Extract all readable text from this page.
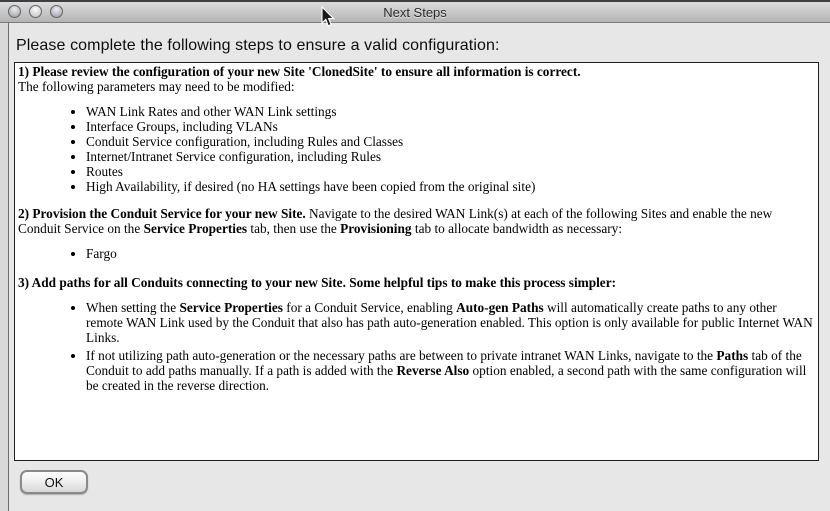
Next Steps
Please complete the following steps to ensure a valid configuration:

1) Please review the configuration of your new Site 'ClonedSite' to ensure all information is correct.

The following parameters may need to be modified:

• WAN Link Rates and other WAN Link settings
• Interface Groups, including VLANs
• Conduit Service configuration, including Rules and Classes
• Internet/Intranet Service configuration, including Rules
• Routes
• High Availability, if desired (no HA settings have been copied from the original site)

2) Provision the Conduit Service for your new Site. Navigate to the desired WAN Link(s) at each of the following Sites and enable the new Conduit Service on the Service Properties tab, then use the Provisioning tab to allocate bandwidth as necessary:

• Fargo

3) Add paths for all Conduits connecting to your new Site. Some helpful tips to make this process simpler:

• When setting the Service Properties for a Conduit Service, enabling Auto-gen Paths will automatically create paths to any other remote WAN Link used by the Conduit that also has path auto-generation enabled. This option is only available for public Internet WAN Links.
• If not utilizing path auto-generation or the necessary paths are between to private intranet WAN Links, navigate to the Paths tab of the Conduit to add paths manually. If a path is added with the Reverse Also option enabled, a second path with the same configuration will be created in the reverse direction.
OK
